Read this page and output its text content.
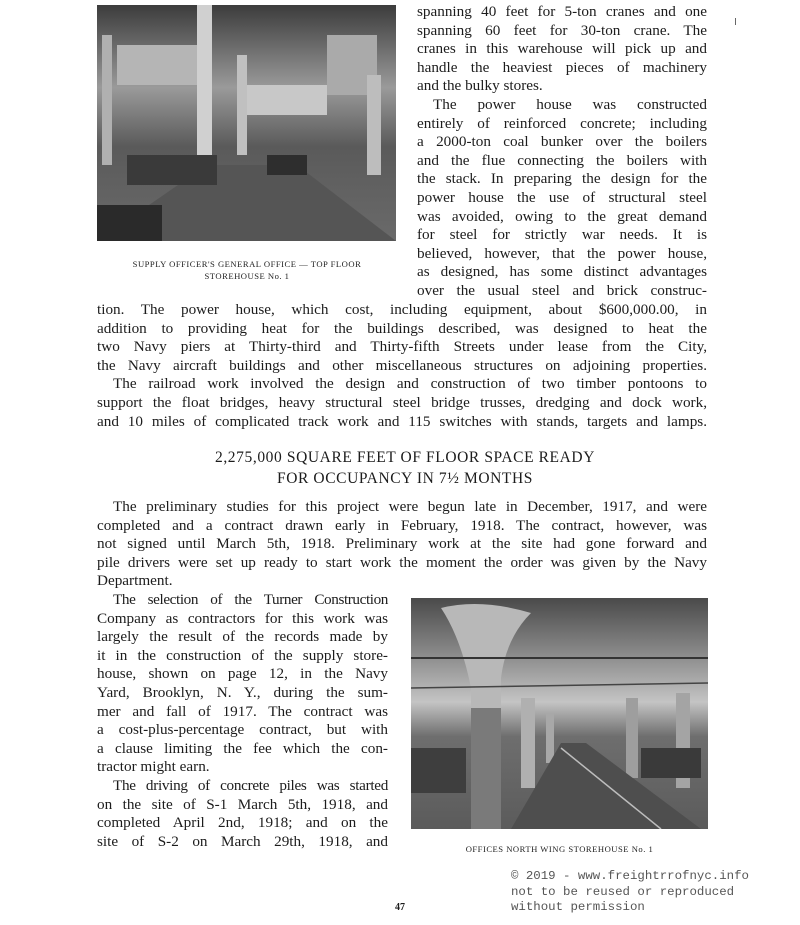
SUPPLY OFFICER'S GENERAL OFFICE — TOP FLOOR
STOREHOUSE No. 1
spanning 40 feet for 5-ton cranes and one
spanning 60 feet for 30-ton crane. The
cranes in this warehouse will pick up and
handle the heaviest pieces of machinery
and the bulky stores.
The power house was constructed
entirely of reinforced concrete; including
a 2000-ton coal bunker over the boilers
and the flue connecting the boilers with
the stack. In preparing the design for the
power house the use of structural steel
was avoided, owing to the great demand
for steel for strictly war needs. It is
believed, however, that the power house,
as designed, has some distinct advantages
over the usual steel and brick construc-
tion. The power house, which cost, including equipment, about $600,000.00, in
addition to providing heat for the buildings described, was designed to heat the
two Navy piers at Thirty-third and Thirty-fifth Streets under lease from the City,
the Navy aircraft buildings and other miscellaneous structures on adjoining properties.
The railroad work involved the design and construction of two timber pontoons to
support the float bridges, heavy structural steel bridge trusses, dredging and dock work,
and 10 miles of complicated track work and 115 switches with stands, targets and lamps.
2,275,000 SQUARE FEET OF FLOOR SPACE READY
FOR OCCUPANCY IN 7½ MONTHS
The preliminary studies for this project were begun late in December, 1917, and were
completed and a contract drawn early in February, 1918. The contract, however, was
not signed until March 5th, 1918. Preliminary work at the site had gone forward and
pile drivers were set up ready to start work the moment the order was given by the Navy
Department.
The selection of the Turner Construction
Company as contractors for this work was
largely the result of the records made by
it in the construction of the supply store-
house, shown on page 12, in the Navy
Yard, Brooklyn, N. Y., during the sum-
mer and fall of 1917. The contract was
a cost-plus-percentage contract, but with
a clause limiting the fee which the con-
tractor might earn.
The driving of concrete piles was started
on the site of S-1 March 5th, 1918, and
completed April 2nd, 1918; and on the
site of S-2 on March 29th, 1918, and	OFFICES NORTH WING STOREHOUSE No. 1
47
© 2019 - www.freightrrofnyc.info
not to be reused or reproduced
without permission
